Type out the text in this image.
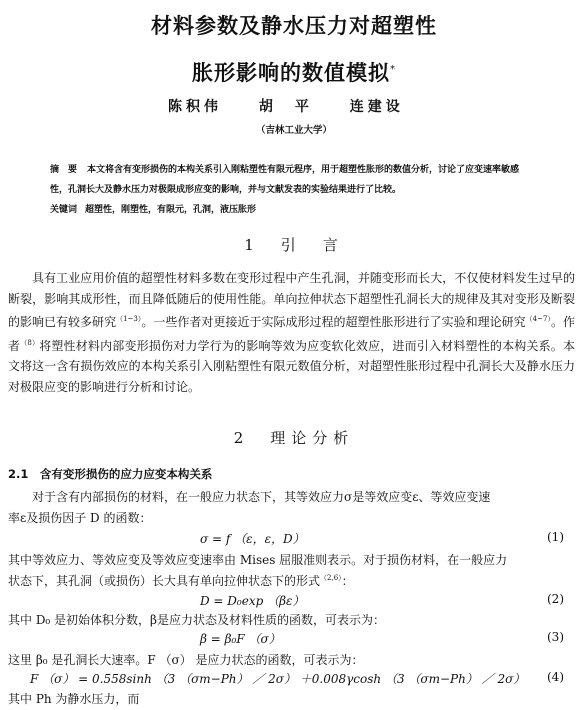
材料参数及静水压力对超塑性
胀形影响的数值模拟*
陈积伟	胡　平	连建设
（吉林工业大学）
摘　要 本文将含有变形损伤的本构关系引入刚粘塑性有限元程序，用于超塑性胀形的数值分析，讨论了应变速率敏感性，孔洞长大及静水压力对极限成形应变的影响，并与文献发表的实验结果进行了比较。
关键词 超塑性，刚塑性，有限元，孔洞，液压胀形
1　引　言
具有工业应用价值的超塑性材料多数在变形过程中产生孔洞，并随变形而长大，不仅使材料发生过早的断裂，影响其成形性，而且降低随后的使用性能。单向拉伸状态下超塑性孔洞长大的规律及其对变形及断裂的影响已有较多研究$^{(1\sim 3)}$。一些作者对更接近于实际成形过程的超塑性胀形进行了实验和理论研究$^{(4\sim 7)}$。作者$^{(8)}$将塑性材料内部变形损伤对力学行为的影响等效为应变软化效应，进而引入材料塑性的本构关系。本文将这一含有损伤效应的本构关系引入刚粘塑性有限元数值分析，对超塑性胀形过程中孔洞长大及静水压力对极限应变的影响进行分析和讨论。
2　理论分析
2.1　含有变形损伤的应力应变本构关系
对于含有内部损伤的材料，在一般应力状态下，其等效应力σ是等效应变ε、等效应变速
率ε及损伤因子 D 的函数：
σ = f （ε，ε，D）	(1)
其中等效应力、等效应变及等效应变速率由 Mises 屈服准则表示。对于损伤材料，在一般应力
状态下，其孔洞（或损伤）长大具有单向拉伸状态下的形式$^{(2,6)}$：
D = D₀exp （βε）	(2)
其中 D₀ 是初始体积分数，β是应力状态及材料性质的函数，可表示为：
β = β₀F （σ）	(3)
这里 β₀ 是孔洞长大速率。F （σ） 是应力状态的函数，可表示为：
F （σ） = 0.558sinh （3 （σm−Ph） ／ 2σ） ＋0.008γcosh （3 （σm−Ph） ／ 2σ） (4)
其中 Ph 为静水压力，而
